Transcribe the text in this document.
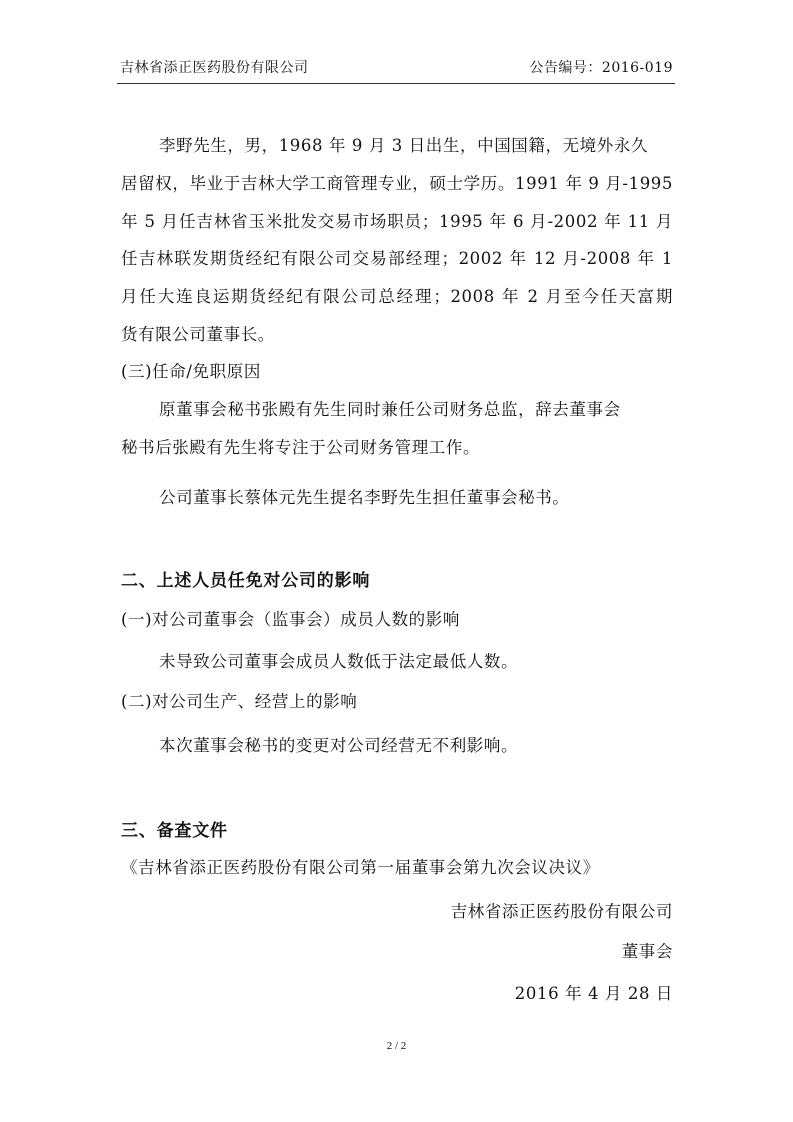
吉林省添正医药股份有限公司	公告编号：2016-019
李野先生，男，1968 年 9 月 3 日出生，中国国籍，无境外永久
居留权，毕业于吉林大学工商管理专业，硕士学历。1991 年 9 月-1995
年 5 月任吉林省玉米批发交易市场职员；1995 年 6 月-2002 年 11 月
任吉林联发期货经纪有限公司交易部经理；2002 年 12 月-2008 年 1
月任大连良运期货经纪有限公司总经理；2008 年 2 月至今任天富期
货有限公司董事长。
(三)任命/免职原因
原董事会秘书张殿有先生同时兼任公司财务总监，辞去董事会
秘书后张殿有先生将专注于公司财务管理工作。
公司董事长蔡体元先生提名李野先生担任董事会秘书。
二、上述人员任免对公司的影响
(一)对公司董事会（监事会）成员人数的影响
未导致公司董事会成员人数低于法定最低人数。
(二)对公司生产、经营上的影响
本次董事会秘书的变更对公司经营无不利影响。
三、备查文件
《吉林省添正医药股份有限公司第一届董事会第九次会议决议》
吉林省添正医药股份有限公司
董事会
2016 年 4 月 28 日
2 / 2
